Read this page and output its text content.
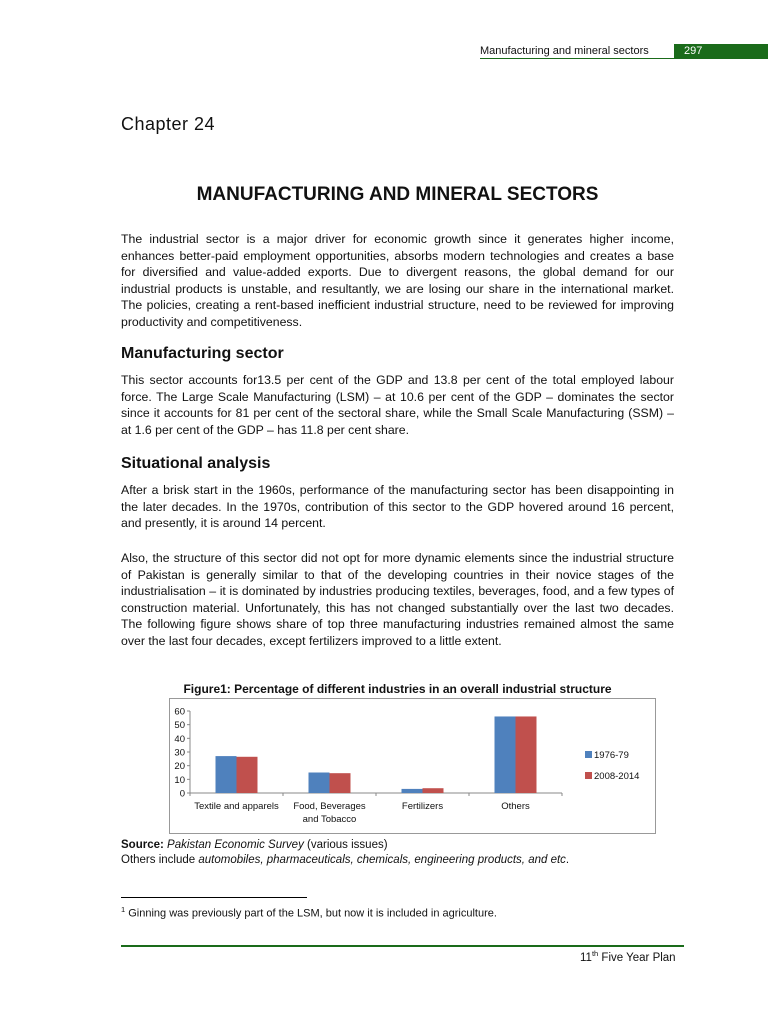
Manufacturing and mineral sectors	297
Chapter 24
MANUFACTURING AND MINERAL SECTORS

The industrial sector is a major driver for economic growth since it generates higher income, enhances better-paid employment opportunities, absorbs modern technologies and creates a base for diversified and value-added exports. Due to divergent reasons, the global demand for our industrial products is unstable, and resultantly, we are losing our share in the international market. The policies, creating a rent-based inefficient industrial structure, need to be reviewed for improving productivity and competitiveness.

Manufacturing sector

This sector accounts for13.5 per cent of the GDP and 13.8 per cent of the total employed labour force. The Large Scale Manufacturing (LSM) – at 10.6 per cent of the GDP – dominates the sector since it accounts for 81 per cent of the sectoral share, while the Small Scale Manufacturing (SSM) – at 1.6 per cent of the GDP – has 11.8 per cent share.

Situational analysis

After a brisk start in the 1960s, performance of the manufacturing sector has been disappointing in the later decades. In the 1970s, contribution of this sector to the GDP hovered around 16 percent, and presently, it is around 14 percent.

Also, the structure of this sector did not opt for more dynamic elements since the industrial structure of Pakistan is generally similar to that of the developing countries in their novice stages of the industrialisation – it is dominated by industries producing textiles, beverages, food, and a few types of construction material. Unfortunately, this has not changed substantially over the last two decades. The following figure shows share of top three manufacturing industries remained almost the same over the last four decades, except fertilizers improved to a little extent.

Figure1: Percentage of different industries in an overall industrial structure
0
10
20
30
40
50
60
Textile and apparels Food, Beverages
and Tobacco
Fertilizers	Others
1976-79
2008-2014
Source: Pakistan Economic Survey (various issues)
Others include automobiles, pharmaceuticals, chemicals, engineering products, and etc.
$^1$ Ginning was previously part of the LSM, but now it is included in agriculture.
11th Five Year Plan
